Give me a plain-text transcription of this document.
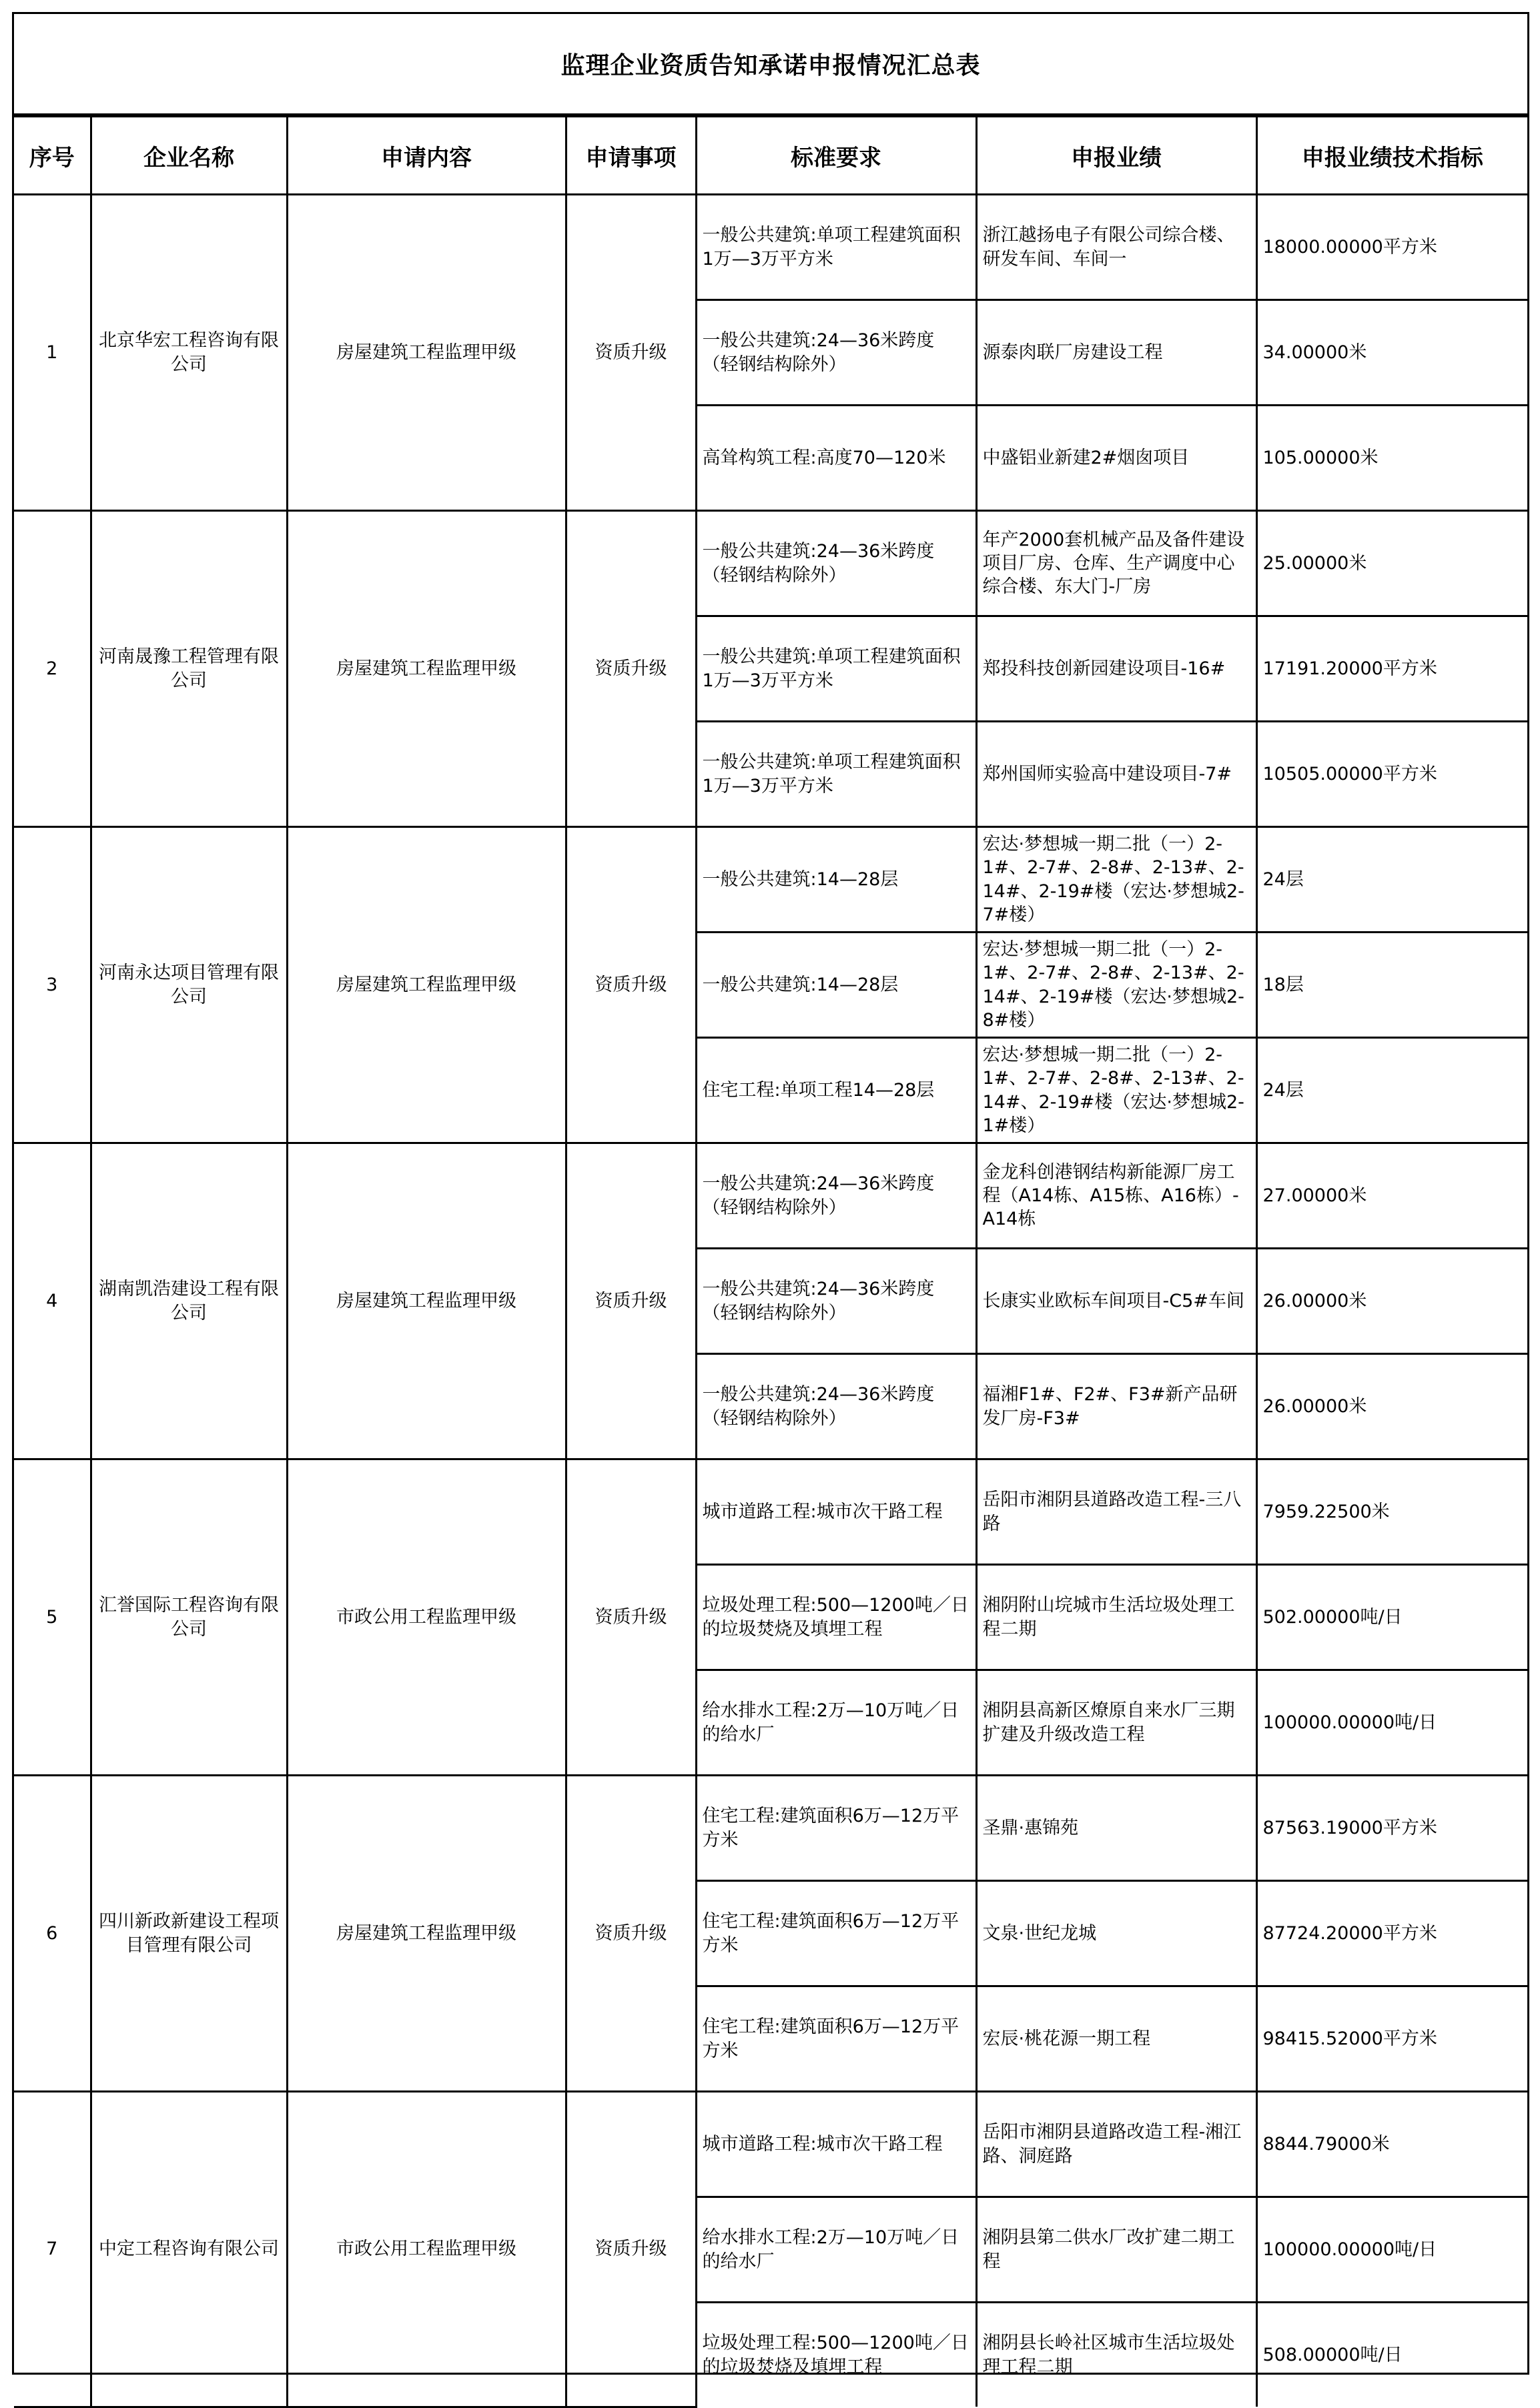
监理企业资质告知承诺申报情况汇总表
序号	企业名称	申请内容	申请事项	标准要求	申报业绩	申报业绩技术指标
1	北京华宏工程咨询有限公司	房屋建筑工程监理甲级	资质升级	一般公共建筑:单项工程建筑面积1万—3万平方米	浙江越扬电子有限公司综合楼、研发车间、车间一	18000.00000平方米
				一般公共建筑:24—36米跨度（轻钢结构除外）	源泰肉联厂房建设工程	34.00000米
				高耸构筑工程:高度70—120米	中盛铝业新建2#烟囱项目	105.00000米
2	河南晟豫工程管理有限公司	房屋建筑工程监理甲级	资质升级	一般公共建筑:24—36米跨度（轻钢结构除外）	年产2000套机械产品及备件建设项目厂房、仓库、生产调度中心综合楼、东大门-厂房	25.00000米
				一般公共建筑:单项工程建筑面积1万—3万平方米	郑投科技创新园建设项目-16#	17191.20000平方米
				一般公共建筑:单项工程建筑面积1万—3万平方米	郑州国师实验高中建设项目-7#	10505.00000平方米
3	河南永达项目管理有限公司	房屋建筑工程监理甲级	资质升级	一般公共建筑:14—28层	宏达·梦想城一期二批（一）2-1#、2-7#、2-8#、2-13#、2-14#、2-19#楼（宏达·梦想城2-7#楼）	24层
				一般公共建筑:14—28层	宏达·梦想城一期二批（一）2-1#、2-7#、2-8#、2-13#、2-14#、2-19#楼（宏达·梦想城2-8#楼）	18层
				住宅工程:单项工程14—28层	宏达·梦想城一期二批（一）2-1#、2-7#、2-8#、2-13#、2-14#、2-19#楼（宏达·梦想城2-1#楼）	24层
4	湖南凯浩建设工程有限公司	房屋建筑工程监理甲级	资质升级	一般公共建筑:24—36米跨度（轻钢结构除外）	金龙科创港钢结构新能源厂房工程（A14栋、A15栋、A16栋）-A14栋	27.00000米
				一般公共建筑:24—36米跨度（轻钢结构除外）	长康实业欧标车间项目-C5#车间	26.00000米
				一般公共建筑:24—36米跨度（轻钢结构除外）	福湘F1#、F2#、F3#新产品研发厂房-F3#	26.00000米
5	汇誉国际工程咨询有限公司	市政公用工程监理甲级	资质升级	城市道路工程:城市次干路工程	岳阳市湘阴县道路改造工程-三八路	7959.22500米
				垃圾处理工程:500—1200吨／日的垃圾焚烧及填埋工程	湘阴附山垸城市生活垃圾处理工程二期	502.00000吨/日
				给水排水工程:2万—10万吨／日的给水厂	湘阴县高新区燎原自来水厂三期扩建及升级改造工程	100000.00000吨/日
6	四川新政新建设工程项目管理有限公司	房屋建筑工程监理甲级	资质升级	住宅工程:建筑面积6万—12万平方米	圣鼎·惠锦苑	87563.19000平方米
				住宅工程:建筑面积6万—12万平方米	文泉·世纪龙城	87724.20000平方米
				住宅工程:建筑面积6万—12万平方米	宏辰·桃花源一期工程	98415.52000平方米
7	中定工程咨询有限公司	市政公用工程监理甲级	资质升级	城市道路工程:城市次干路工程	岳阳市湘阴县道路改造工程-湘江路、洞庭路	8844.79000米
				给水排水工程:2万—10万吨／日的给水厂	湘阴县第二供水厂改扩建二期工程	100000.00000吨/日
				垃圾处理工程:500—1200吨／日的垃圾焚烧及填埋工程	湘阴县长岭社区城市生活垃圾处理工程二期	508.00000吨/日
